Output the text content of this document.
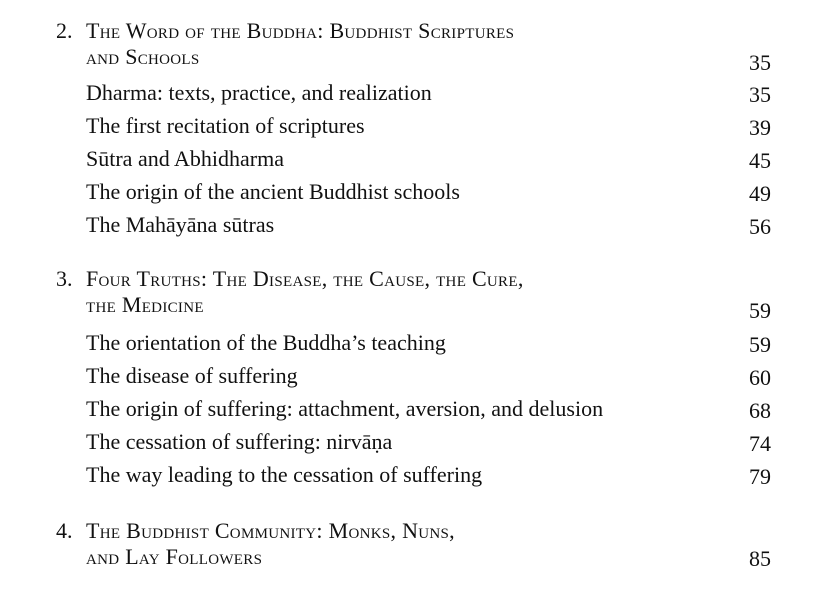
2. The Word of the Buddha: Buddhist Scriptures
and Schools	35
Dharma: texts, practice, and realization	35
The first recitation of scriptures	39
Sūtra and Abhidharma	45
The origin of the ancient Buddhist schools	49
The Mahāyāna sūtras	56
3. Four Truths: The Disease, the Cause, the Cure,
the Medicine	59
The orientation of the Buddha’s teaching	59
The disease of suffering	60
The origin of suffering: attachment, aversion, and delusion	68
The cessation of suffering: nirvāṇa	74
The way leading to the cessation of suffering	79
4. The Buddhist Community: Monks, Nuns,
and Lay Followers	85
